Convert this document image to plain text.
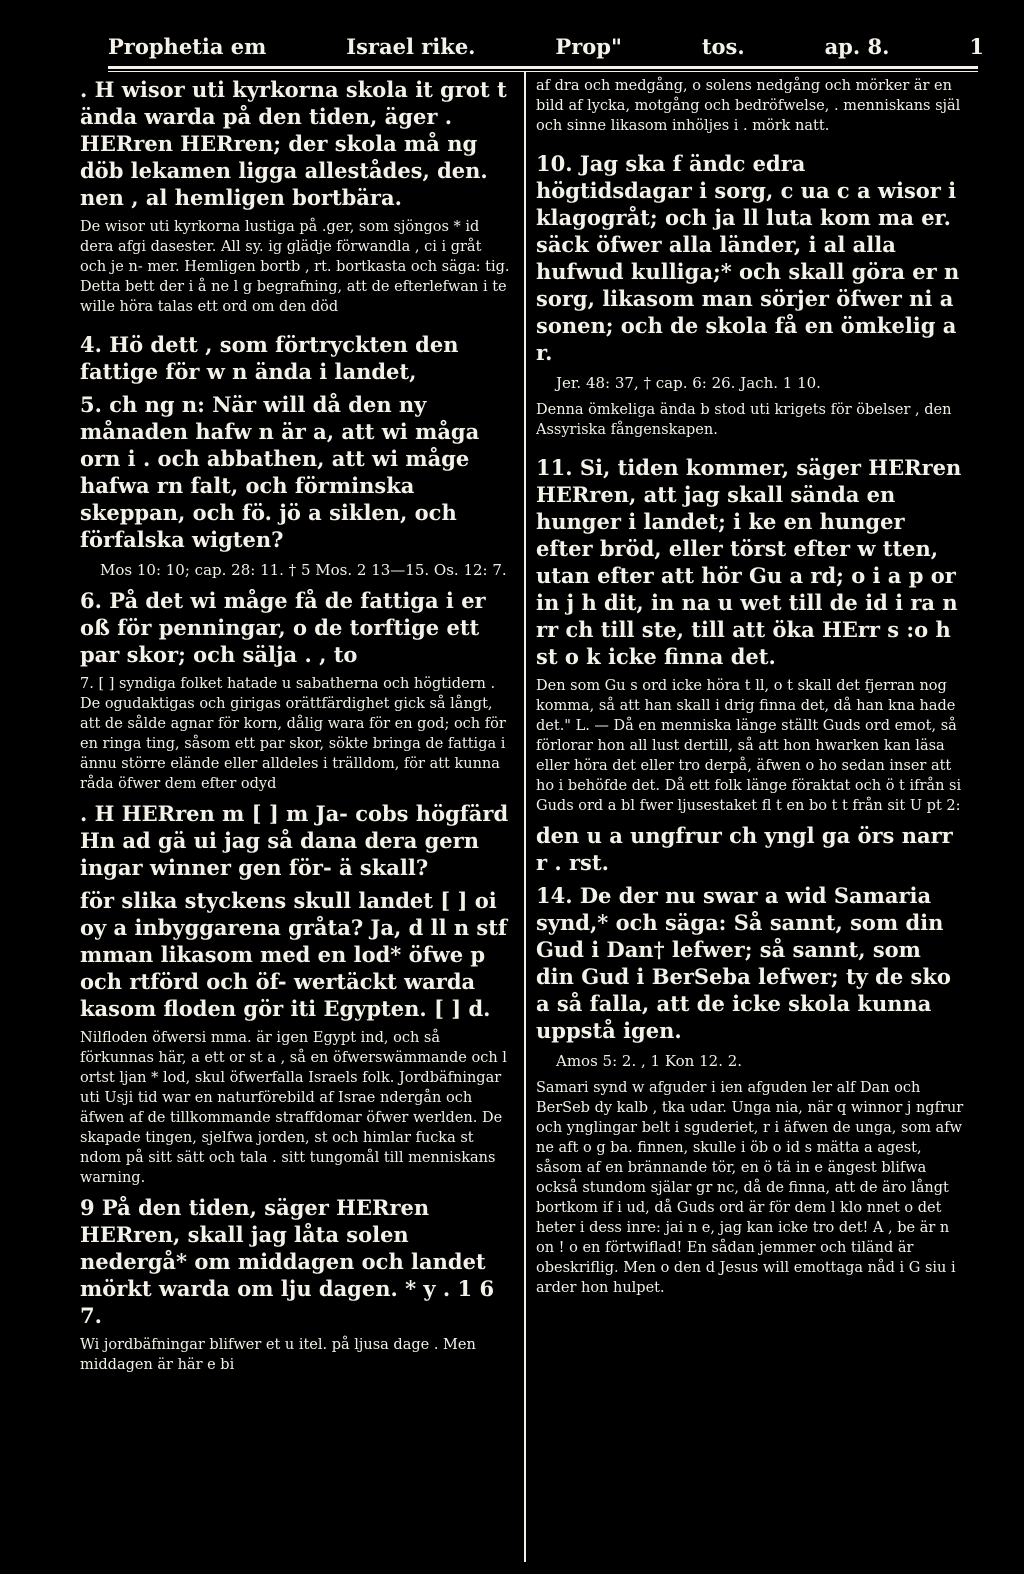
Prophetia em	Israel rike.	Prop"	tos.	ap. 8.	1

. H wisor uti kyrkorna skola it grot t ända warda på den tiden, äger . HERren HERren; der skola må ng döb lekamen ligga allestådes, den. nen , al hemligen bortbära.

De wisor uti kyrkorna lustiga på .ger, som sjöngos * id dera afgi dasester. All sy. ig glädje förwandla , ci i gråt och je n- mer. Hemligen bortb , rt. bortkasta och säga: tig. Detta bett der i å ne l g begrafning, att de efterlefwan i te wille höra talas ett ord om den död

4. Hö dett , som förtryckten den fattige för w n ända i landet,

5. ch ng n: När will då den ny månaden hafw n är a, att wi måga orn i . och abbathen, att wi måge hafwa rn falt, och förminska skeppan, och fö. jö a siklen, och förfalska wigten?

Mos 10: 10; cap. 28: 11. † 5 Mos. 2 13—15. Os. 12: 7.

6. På det wi måge få de fattiga i er oß för penningar, o de torftige ett par skor; och sälja . , to

7. [ ] syndiga folket hatade u sabatherna och högtidern . De ogudaktigas och girigas orättfärdighet gick så långt, att de sålde agnar för korn, dålig wara för en god; och för en ringa ting, såsom ett par skor, sökte bringa de fattiga i ännu större elände eller alldeles i trälldom, för att kunna råda öfwer dem efter odyd

. H HERren m [ ] m Ja- cobs högfärd Hn ad gä ui jag så dana dera gern ingar winner gen för- ä skall?

för slika styckens skull landet [ ] oi oy a inbyggarena gråta? Ja, d ll n stf mman likasom med en lod* öfwe p och rtförd och öf- wertäckt warda kasom floden gör iti Egypten. [ ] d.

Nilfloden öfwersi mma. är igen Egypt ind, och så förkunnas här, a ett or st a , så en öfwerswämmande och l ortst ljan * lod, skul öfwerfalla Israels folk. Jordbäfningar uti Usji tid war en naturförebild af Israe ndergån och äfwen af de tillkommande straffdomar öfwer werlden. De skapade tingen, sjelfwa jorden, st och himlar fucka st ndom på sitt sätt och tala . sitt tungomål till menniskans warning.

9 På den tiden, säger HERren HERren, skall jag låta solen nedergå* om middagen och landet mörkt warda om lju dagen. * y . 1 6 7.

Wi jordbäfningar blifwer et u itel. på ljusa dage . Men middagen är här e bi

af dra och medgång, o solens nedgång och mörker är en bild af lycka, motgång och bedröfwelse, . menniskans själ och sinne likasom inhöljes i . mörk natt.

10. Jag ska f ändc edra högtidsdagar i sorg, c ua c a wisor i klagogråt; och ja ll luta kom ma er. säck öfwer alla länder, i al alla hufwud kulliga;* och skall göra er n sorg, likasom man sörjer öfwer ni a sonen; och de skola få en ömkelig a r.

Jer. 48: 37, † cap. 6: 26. Jach. 1 10.

Denna ömkeliga ända b stod uti krigets för öbelser , den Assyriska fångenskapen.

11. Si, tiden kommer, säger HERren HERren, att jag skall sända en hunger i landet; i ke en hunger efter bröd, eller törst efter w tten, utan efter att hör Gu a rd; o i a p or in j h dit, in na u wet till de id i ra n rr ch till ste, till att öka HErr s :o h st o k icke finna det.

Den som Gu s ord icke höra t ll, o t skall det fjerran nog komma, så att han skall i drig finna det, då han kna hade det." L. — Då en menniska länge ställt Guds ord emot, så förlorar hon all lust dertill, så att hon hwarken kan läsa eller höra det eller tro derpå, äfwen o ho sedan inser att ho i behöfde det. Då ett folk länge föraktat och ö t ifrån si Guds ord a bl fwer ljusestaket fl t en bo t t från sit U pt 2:

den u a ungfrur ch yngl ga örs narr r . rst.

14. De der nu swar a wid Samaria synd,* och säga: Så sannt, som din Gud i Dan† lefwer; så sannt, som din Gud i BerSeba lefwer; ty de sko a så falla, att de icke skola kunna uppstå igen.

Amos 5: 2. , 1 Kon 12. 2.

Samari synd w afguder i ien afguden ler alf Dan och BerSeb dy kalb , tka udar. Unga nia, när q winnor j ngfrur och ynglingar belt i sguderiet, r i äfwen de unga, som afw ne aft o g ba. finnen, skulle i öb o id s mätta a agest, såsom af en brännande tör, en ö tä in e ängest blifwa också stundom själar gr nc, då de finna, att de äro långt bortkom if i ud, då Guds ord är för dem l klo nnet o det heter i dess inre: jai n e, jag kan icke tro det! A , be är n on ! o en förtwiflad! En sådan jemmer och tiländ är obeskriflig. Men o den d Jesus will emottaga nåd i G siu i arder hon hulpet.
